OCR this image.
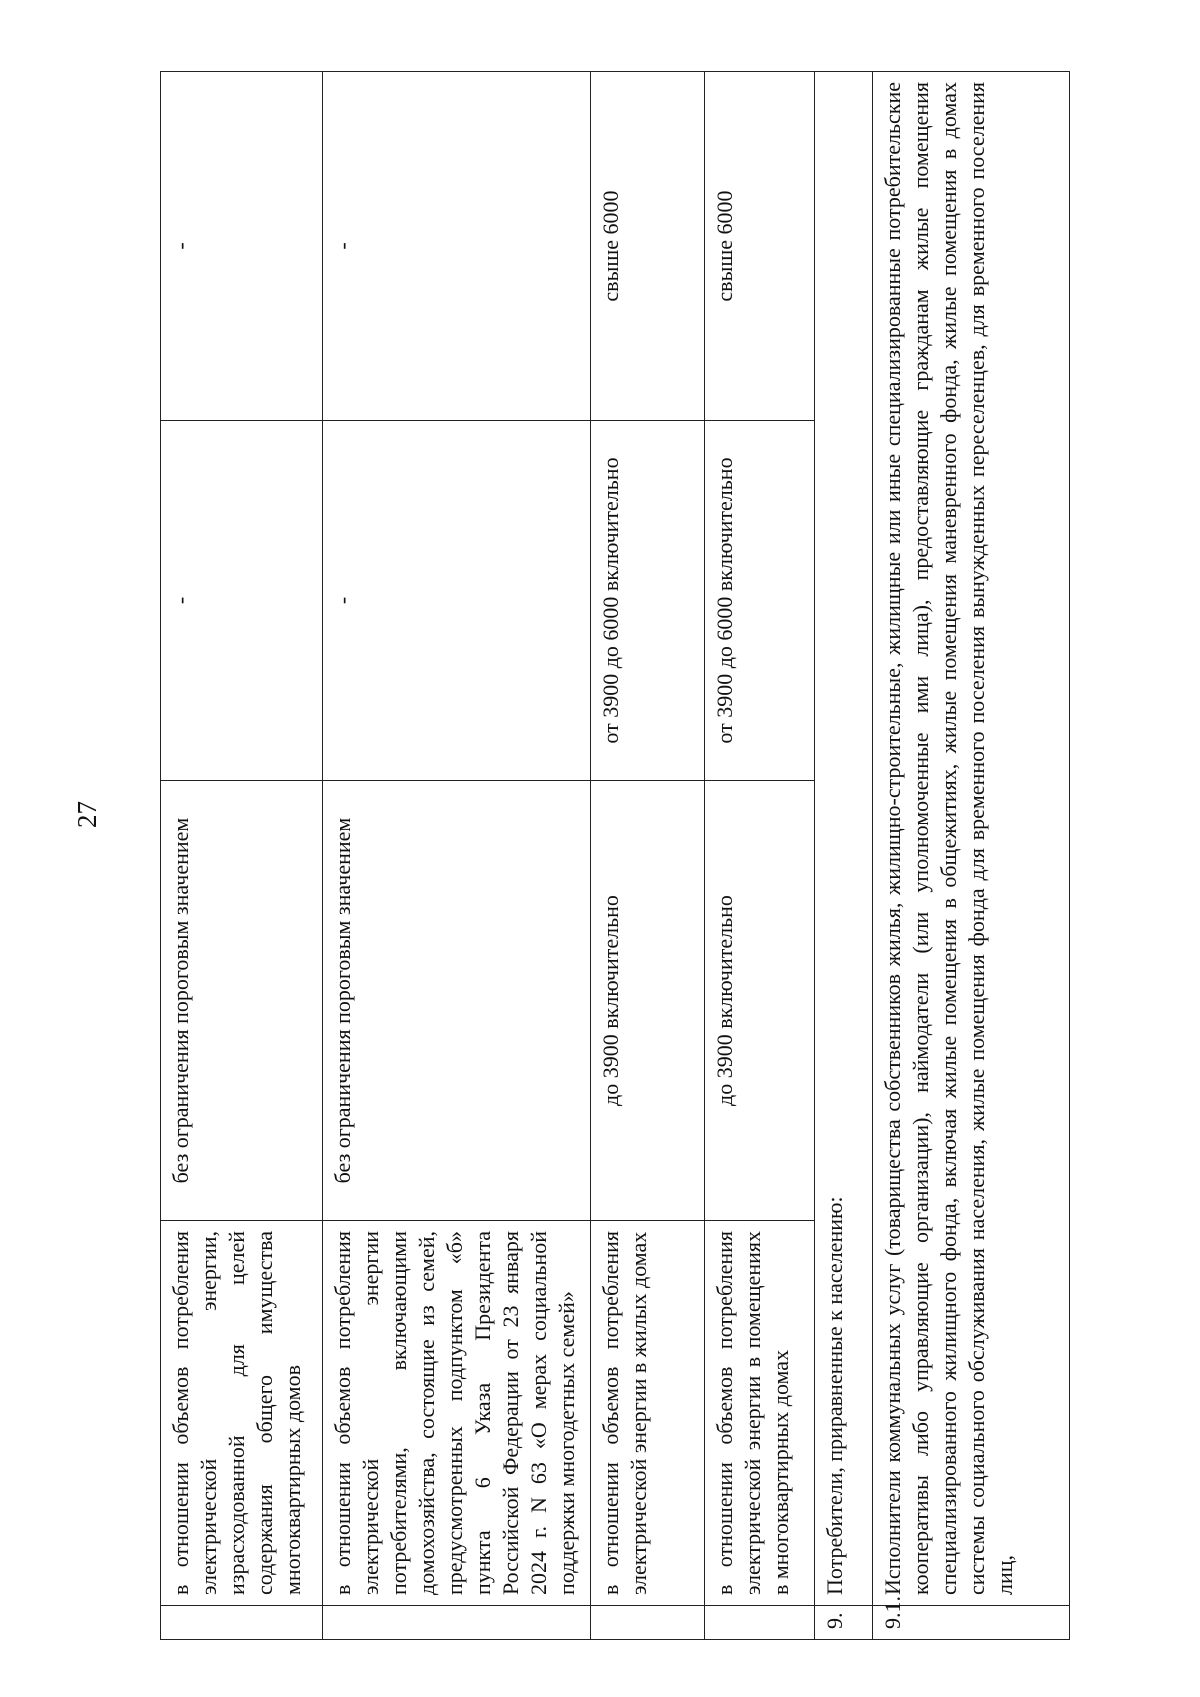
27
	в отношении объемов потребления электрической энергии, израсходованной для целей содержания общего имущества многоквартирных домов	без ограничения пороговым значением	-	-
	в отношении объемов потребления электрической энергии потребителями, включающими домохозяйства, состоящие из семей, предусмотренных подпунктом «б» пункта 6 Указа Президента Российской Федерации от 23 января 2024 г. N 63 «О мерах социальной поддержки многодетных семей»	без ограничения пороговым значением	-	-
	в отношении объемов потребления электрической энергии в жилых домах	до 3900 включительно	от 3900 до 6000 включительно	свыше 6000
	в отношении объемов потребления электрической энергии в помещениях в многоквартирных домах	до 3900 включительно	от 3900 до 6000 включительно	свыше 6000
9.	Потребители, приравненные к населению:			
9.1.	Исполнители коммунальных услуг (товарищества собственников жилья, жилищно-строительные, жилищные или иные специализированные потребительские кооперативы либо управляющие организации), наймодатели (или уполномоченные ими лица), предоставляющие гражданам жилые помещения специализированного жилищного фонда, включая жилые помещения в общежитиях, жилые помещения маневренного фонда, жилые помещения в домах системы социального обслуживания населения, жилые помещения фонда для временного поселения вынужденных переселенцев, для временного поселения лиц,			
